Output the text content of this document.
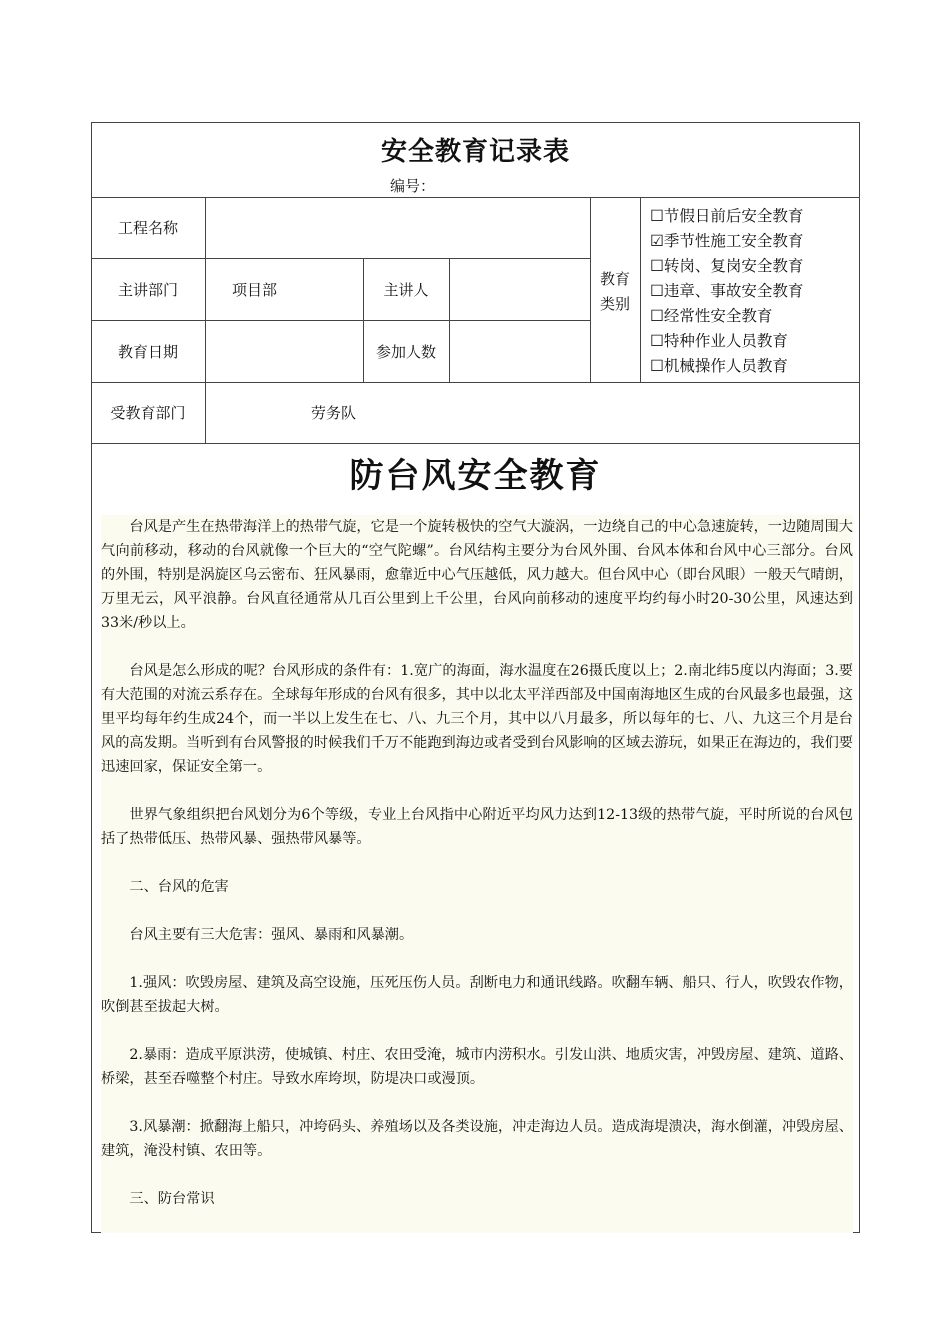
安全教育记录表
编号：
工程名称
主讲部门	项目部	主讲人
教育日期	参加人数
教育
类别
☐节假日前后安全教育
☑季节性施工安全教育
☐转岗、复岗安全教育
☐违章、事故安全教育
☐经常性安全教育
☐特种作业人员教育
☐机械操作人员教育
受教育部门	劳务队
防台风安全教育

台风是产生在热带海洋上的热带气旋，它是一个旋转极快的空气大漩涡，一边绕自己的中心急速旋转，一边随周围大气向前移动，移动的台风就像一个巨大的“空气陀螺”。台风结构主要分为台风外围、台风本体和台风中心三部分。台风的外围，特别是涡旋区乌云密布、狂风暴雨，愈靠近中心气压越低，风力越大。但台风中心（即台风眼）一般天气晴朗，万里无云，风平浪静。台风直径通常从几百公里到上千公里，台风向前移动的速度平均约每小时20-30公里，风速达到33米/秒以上。

台风是怎么形成的呢？台风形成的条件有：1.宽广的海面，海水温度在26摄氏度以上；2.南北纬5度以内海面；3.要有大范围的对流云系存在。全球每年形成的台风有很多，其中以北太平洋西部及中国南海地区生成的台风最多也最强，这里平均每年约生成24个，而一半以上发生在七、八、九三个月，其中以八月最多，所以每年的七、八、九这三个月是台风的高发期。当听到有台风警报的时候我们千万不能跑到海边或者受到台风影响的区域去游玩，如果正在海边的，我们要迅速回家，保证安全第一。

世界气象组织把台风划分为6个等级，专业上台风指中心附近平均风力达到12-13级的热带气旋，平时所说的台风包括了热带低压、热带风暴、强热带风暴等。

二、台风的危害

台风主要有三大危害：强风、暴雨和风暴潮。

1.强风：吹毁房屋、建筑及高空设施，压死压伤人员。刮断电力和通讯线路。吹翻车辆、船只、行人，吹毁农作物，吹倒甚至拔起大树。

2.暴雨：造成平原洪涝，使城镇、村庄、农田受淹，城市内涝积水。引发山洪、地质灾害，冲毁房屋、建筑、道路、桥梁，甚至吞噬整个村庄。导致水库垮坝，防堤决口或漫顶。

3.风暴潮：掀翻海上船只，冲垮码头、养殖场以及各类设施，冲走海边人员。造成海堤溃决，海水倒灌，冲毁房屋、建筑，淹没村镇、农田等。

三、防台常识
